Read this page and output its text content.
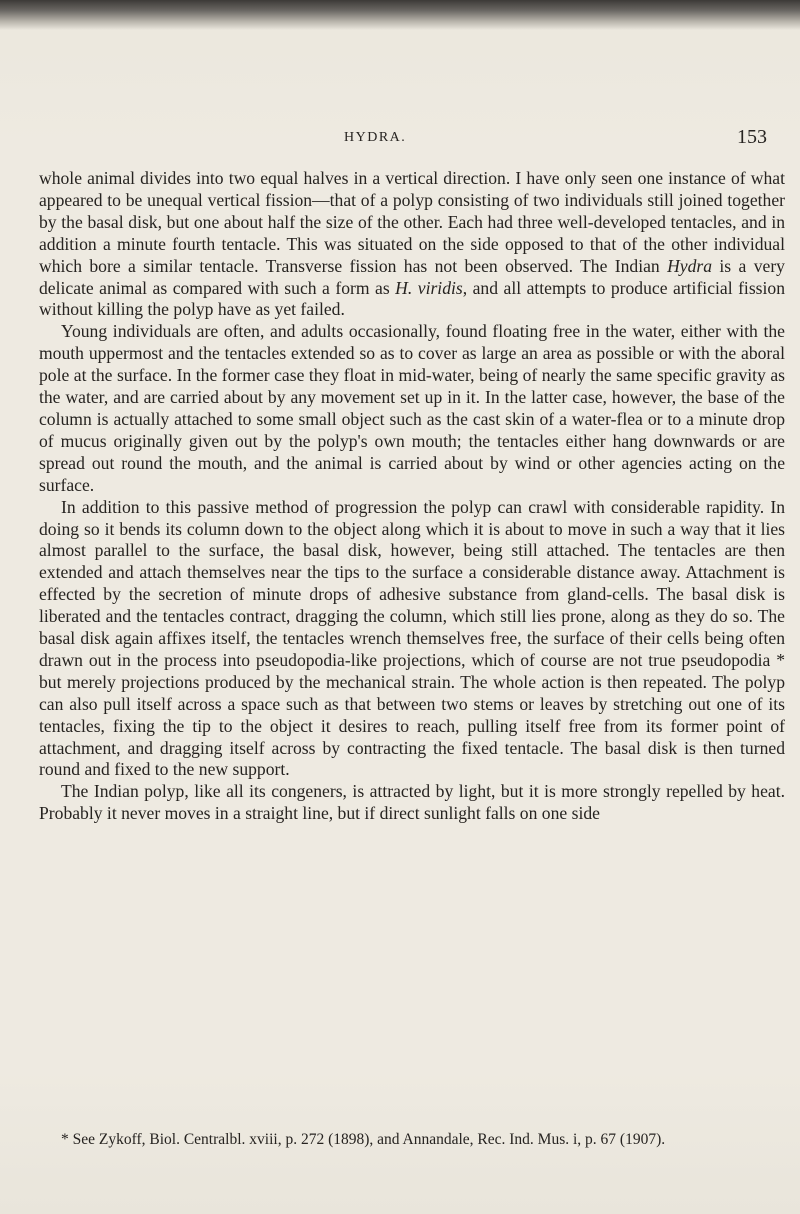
HYDRA.	153

whole animal divides into two equal halves in a vertical direction. I have only seen one instance of what appeared to be unequal vertical fission—that of a polyp consisting of two individuals still joined together by the basal disk, but one about half the size of the other. Each had three well-developed tentacles, and in addition a minute fourth tentacle. This was situated on the side opposed to that of the other individual which bore a similar tentacle. Transverse fission has not been observed. The Indian Hydra is a very delicate animal as compared with such a form as H. viridis, and all attempts to produce artificial fission without killing the polyp have as yet failed.

Young individuals are often, and adults occasionally, found floating free in the water, either with the mouth uppermost and the tentacles extended so as to cover as large an area as possible or with the aboral pole at the surface. In the former case they float in mid-water, being of nearly the same specific gravity as the water, and are carried about by any movement set up in it. In the latter case, however, the base of the column is actually attached to some small object such as the cast skin of a water-flea or to a minute drop of mucus originally given out by the polyp's own mouth; the tentacles either hang downwards or are spread out round the mouth, and the animal is carried about by wind or other agencies acting on the surface.

In addition to this passive method of progression the polyp can crawl with considerable rapidity. In doing so it bends its column down to the object along which it is about to move in such a way that it lies almost parallel to the surface, the basal disk, however, being still attached. The tentacles are then extended and attach themselves near the tips to the surface a considerable distance away. Attachment is effected by the secretion of minute drops of adhesive substance from gland-cells. The basal disk is liberated and the tentacles contract, dragging the column, which still lies prone, along as they do so. The basal disk again affixes itself, the tentacles wrench themselves free, the surface of their cells being often drawn out in the process into pseudopodia-like projections, which of course are not true pseudopodia * but merely projections produced by the mechanical strain. The whole action is then repeated. The polyp can also pull itself across a space such as that between two stems or leaves by stretching out one of its tentacles, fixing the tip to the object it desires to reach, pulling itself free from its former point of attachment, and dragging itself across by contracting the fixed tentacle. The basal disk is then turned round and fixed to the new support.

The Indian polyp, like all its congeners, is attracted by light, but it is more strongly repelled by heat. Probably it never moves in a straight line, but if direct sunlight falls on one side

* See Zykoff, Biol. Centralbl. xviii, p. 272 (1898), and Annandale, Rec. Ind. Mus. i, p. 67 (1907).
